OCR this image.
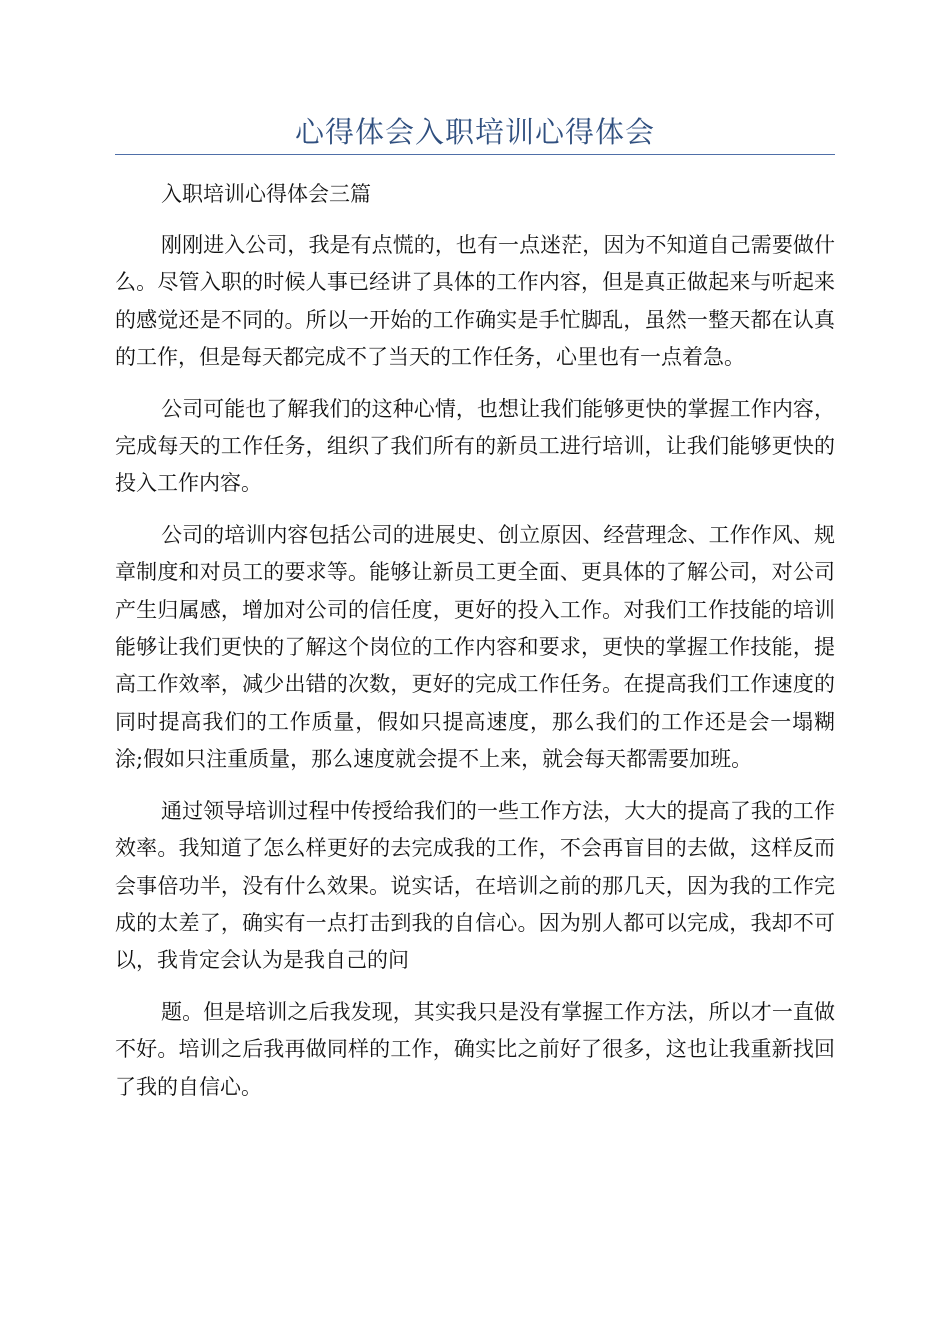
心得体会入职培训心得体会

入职培训心得体会三篇

刚刚进入公司，我是有点慌的，也有一点迷茫，因为不知道自己需要做什么。尽管入职的时候人事已经讲了具体的工作内容，但是真正做起来与听起来的感觉还是不同的。所以一开始的工作确实是手忙脚乱，虽然一整天都在认真的工作，但是每天都完成不了当天的工作任务，心里也有一点着急。

公司可能也了解我们的这种心情，也想让我们能够更快的掌握工作内容，完成每天的工作任务，组织了我们所有的新员工进行培训，让我们能够更快的投入工作内容。

公司的培训内容包括公司的进展史、创立原因、经营理念、工作作风、规章制度和对员工的要求等。能够让新员工更全面、更具体的了解公司，对公司产生归属感，增加对公司的信任度，更好的投入工作。对我们工作技能的培训能够让我们更快的了解这个岗位的工作内容和要求，更快的掌握工作技能，提高工作效率，减少出错的次数，更好的完成工作任务。在提高我们工作速度的同时提高我们的工作质量，假如只提高速度，那么我们的工作还是会一塌糊涂;假如只注重质量，那么速度就会提不上来，就会每天都需要加班。

通过领导培训过程中传授给我们的一些工作方法，大大的提高了我的工作效率。我知道了怎么样更好的去完成我的工作，不会再盲目的去做，这样反而会事倍功半，没有什么效果。说实话，在培训之前的那几天，因为我的工作完成的太差了，确实有一点打击到我的自信心。因为别人都可以完成，我却不可以，我肯定会认为是我自己的问

题。但是培训之后我发现，其实我只是没有掌握工作方法，所以才一直做不好。培训之后我再做同样的工作，确实比之前好了很多，这也让我重新找回了我的自信心。
